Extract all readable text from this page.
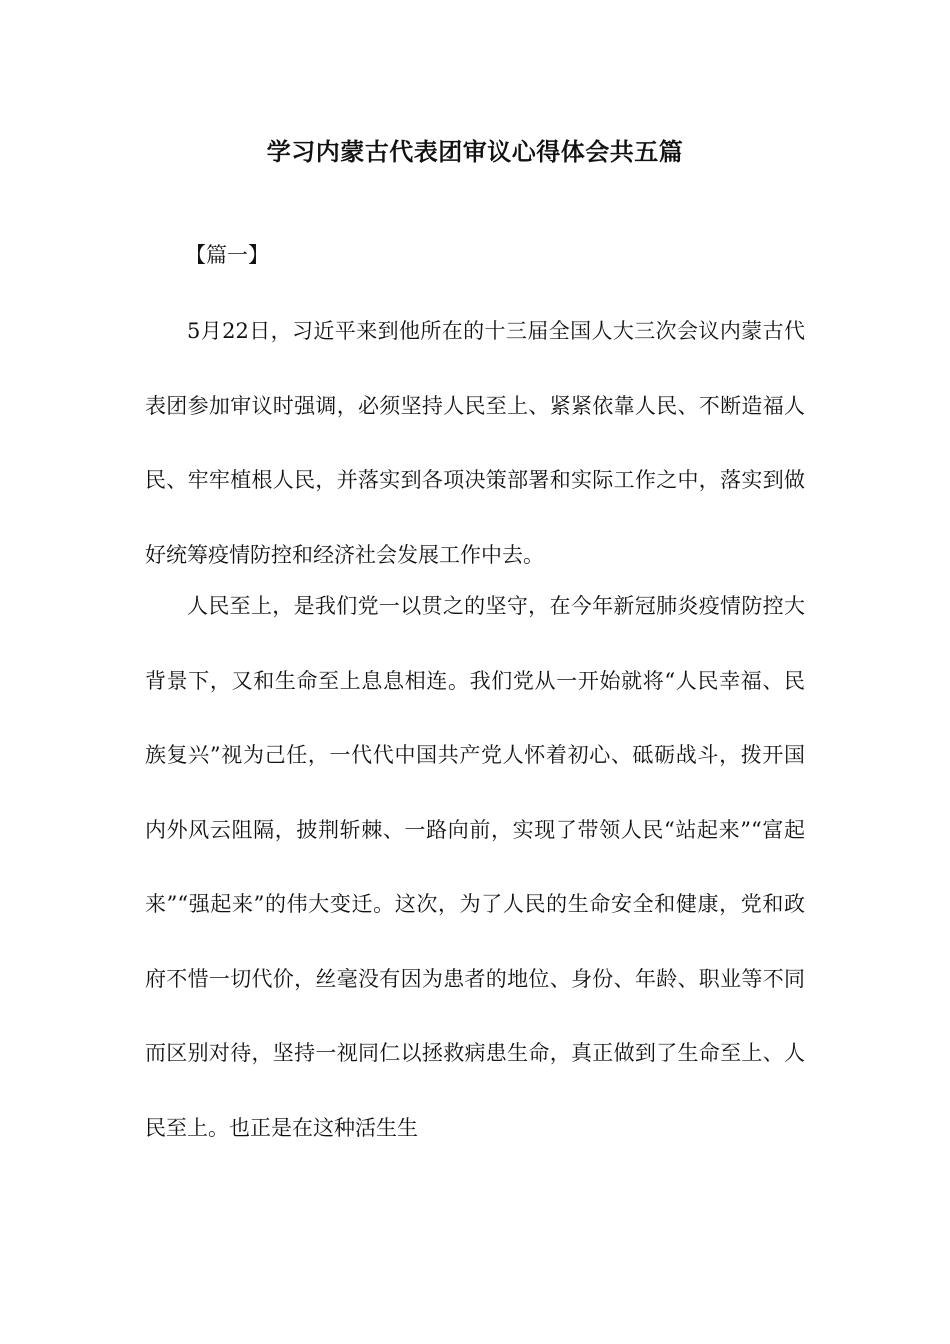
学习内蒙古代表团审议心得体会共五篇
【篇一】
5月22日，习近平来到他所在的十三届全国人大三次会议内蒙古代表团参加审议时强调，必须坚持人民至上、紧紧依靠人民、不断造福人民、牢牢植根人民，并落实到各项决策部署和实际工作之中，落实到做好统筹疫情防控和经济社会发展工作中去。
人民至上，是我们党一以贯之的坚守，在今年新冠肺炎疫情防控大背景下，又和生命至上息息相连。我们党从一开始就将“人民幸福、民族复兴”视为己任，一代代中国共产党人怀着初心、砥砺战斗，拨开国内外风云阻隔，披荆斩棘、一路向前，实现了带领人民“站起来”“富起来”“强起来”的伟大变迁。这次，为了人民的生命安全和健康，党和政府不惜一切代价，丝毫没有因为患者的地位、身份、年龄、职业等不同而区别对待，坚持一视同仁以拯救病患生命，真正做到了生命至上、人民至上。也正是在这种活生生
